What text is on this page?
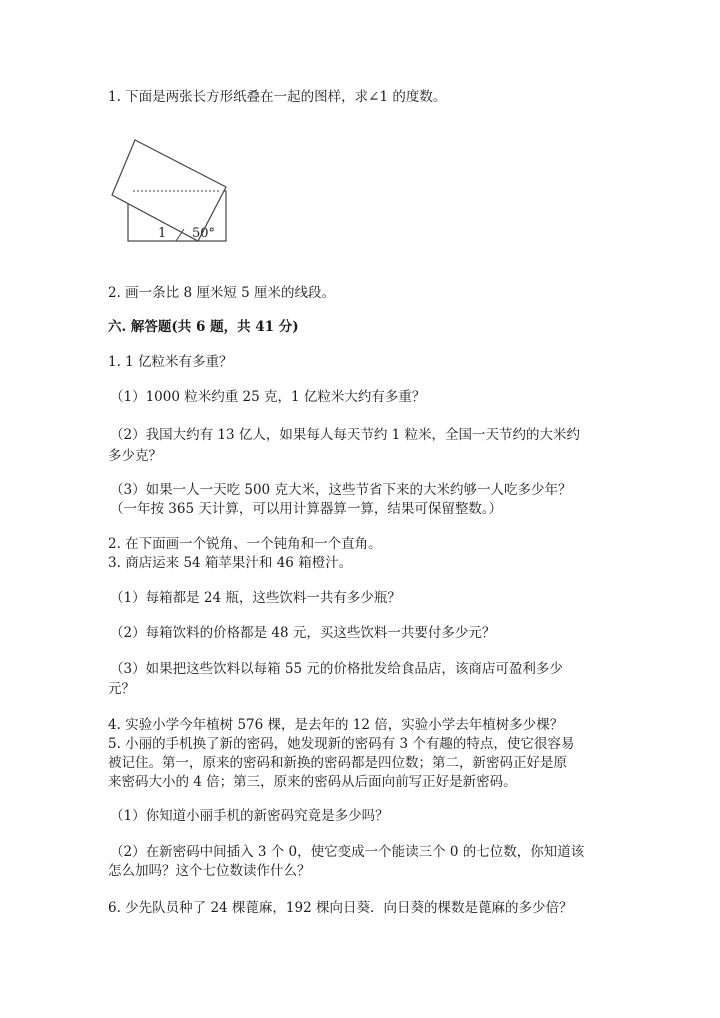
1. 下面是两张长方形纸叠在一起的图样，求∠1 的度数。
1 50°
2. 画一条比 8 厘米短 5 厘米的线段。
六. 解答题(共 6 题，共 41 分)
1. 1 亿粒米有多重？
（1）1000 粒米约重 25 克，1 亿粒米大约有多重？
（2）我国大约有 13 亿人，如果每人每天节约 1 粒米，全国一天节约的大米约
多少克？
（3）如果一人一天吃 500 克大米，这些节省下来的大米约够一人吃多少年？
（一年按 365 天计算，可以用计算器算一算，结果可保留整数。）
2. 在下面画一个锐角、一个钝角和一个直角。
3. 商店运来 54 箱苹果汁和 46 箱橙汁。
（1）每箱都是 24 瓶，这些饮料一共有多少瓶？
（2）每箱饮料的价格都是 48 元，买这些饮料一共要付多少元？
（3）如果把这些饮料以每箱 55 元的价格批发给食品店，该商店可盈利多少
元？
4. 实验小学今年植树 576 棵，是去年的 12 倍，实验小学去年植树多少棵？
5. 小丽的手机换了新的密码，她发现新的密码有 3 个有趣的特点，使它很容易
被记住。第一，原来的密码和新换的密码都是四位数；第二，新密码正好是原
来密码大小的 4 倍；第三，原来的密码从后面向前写正好是新密码。
（1）你知道小丽手机的新密码究竟是多少吗？
（2）在新密码中间插入 3 个 0，使它变成一个能读三个 0 的七位数，你知道该
怎么加吗？这个七位数读作什么？
6. 少先队员种了 24 棵蓖麻，192 棵向日葵．向日葵的棵数是蓖麻的多少倍？
